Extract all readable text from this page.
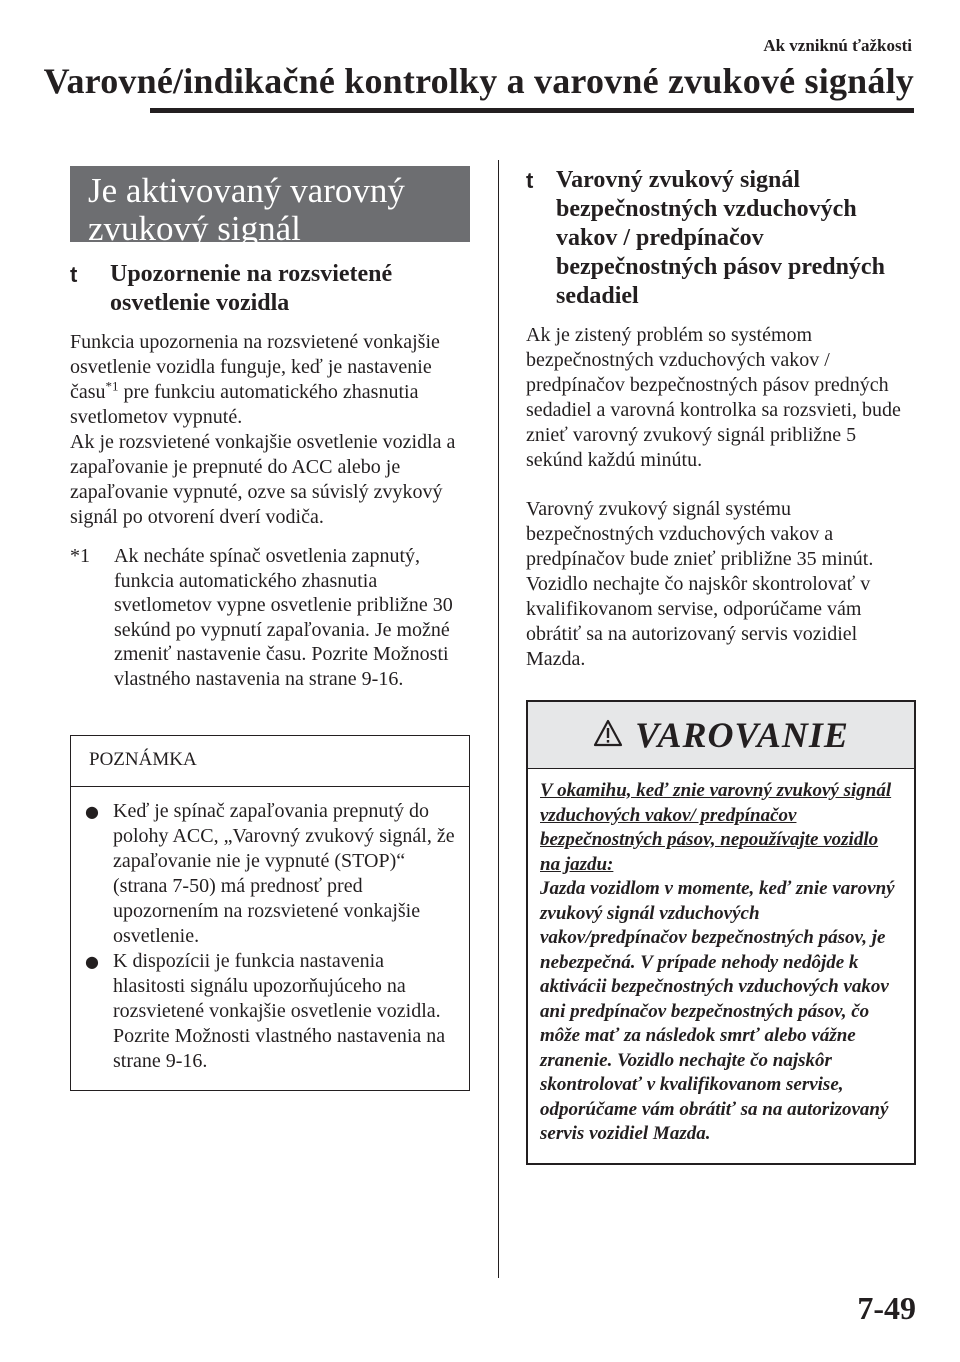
Ak vzniknú ťažkosti
Varovné/indikačné kontrolky a varovné zvukové signály
Je aktivovaný varovný zvukový signál
t Upozornenie na rozsvietené osvetlenie vozidla
Funkcia upozornenia na rozsvietené vonkajšie osvetlenie vozidla funguje, keď je nastavenie času$^{*1}$ pre funkciu automatického zhasnutia svetlometov vypnuté.
Ak je rozsvietené vonkajšie osvetlenie vozidla a zapaľovanie je prepnuté do ACC alebo je zapaľovanie vypnuté, ozve sa súvislý zvykový signál po otvorení dverí vodiča.
*1 Ak necháte spínač osvetlenia zapnutý, funkcia automatického zhasnutia svetlometov vypne osvetlenie približne 30 sekúnd po vypnutí zapaľovania. Je možné zmeniť nastavenie času. Pozrite Možnosti vlastného nastavenia na strane 9-16.
POZNÁMKA
● Keď je spínač zapaľovania prepnutý do polohy ACC, „Varovný zvukový signál, že zapaľovanie nie je vypnuté (STOP)“ (strana 7-50) má prednosť pred upozornením na rozsvietené vonkajšie osvetlenie.
● K dispozícii je funkcia nastavenia hlasitosti signálu upozorňujúceho na rozsvietené vonkajšie osvetlenie vozidla. Pozrite Možnosti vlastného nastavenia na strane 9-16.
t Varovný zvukový signál bezpečnostných vzduchových vakov / predpínačov bezpečnostných pásov predných sedadiel
Ak je zistený problém so systémom bezpečnostných vzduchových vakov / predpínačov bezpečnostných pásov predných sedadiel a varovná kontrolka sa rozsvieti, bude znieť varovný zvukový signál približne 5 sekúnd každú minútu.
Varovný zvukový signál systému bezpečnostných vzduchových vakov a predpínačov bude znieť približne 35 minút. Vozidlo nechajte čo najskôr skontrolovať v kvalifikovanom servise, odporúčame vám obrátiť sa na autorizovaný servis vozidiel Mazda.
VAROVANIE
V okamihu, keď znie varovný zvukový signál vzduchových vakov/ predpínačov bezpečnostných pásov, nepoužívajte vozidlo na jazdu:
Jazda vozidlom v momente, keď znie varovný zvukový signál vzduchových vakov/predpínačov bezpečnostných pásov, je nebezpečná. V prípade nehody nedôjde k aktivácii bezpečnostných vzduchových vakov ani predpínačov bezpečnostných pásov, čo môže mať za následok smrť alebo vážne zranenie. Vozidlo nechajte čo najskôr skontrolovať v kvalifikovanom servise, odporúčame vám obrátiť sa na autorizovaný servis vozidiel Mazda.
7-49
